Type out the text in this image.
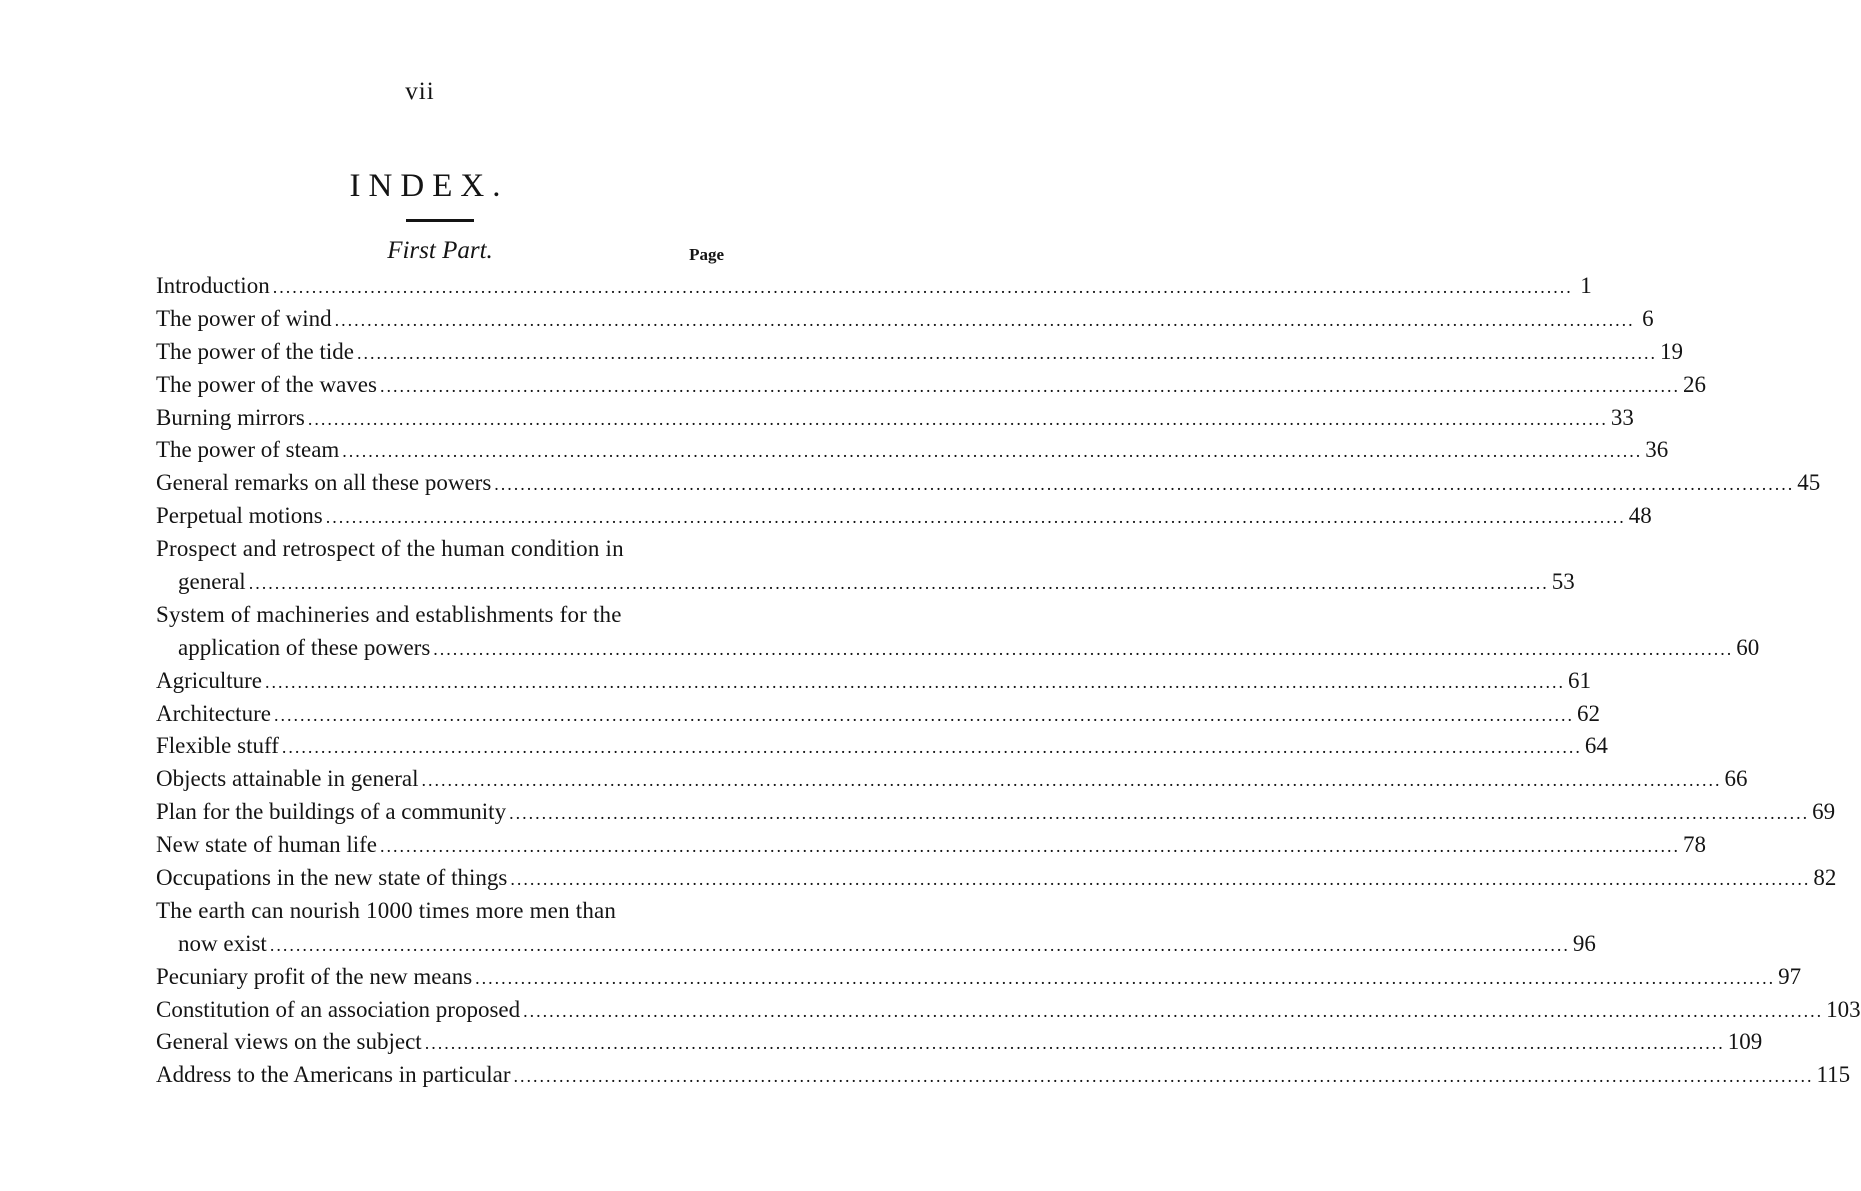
vii
INDEX.
First Part.	Page
Introduction ........................................................................................................................................................................................................ 1
The power of wind ........................................................................................................................................................................................................ 6
The power of the tide ........................................................................................................................................................................................................ 19
The power of the waves ........................................................................................................................................................................................................ 26
Burning mirrors ........................................................................................................................................................................................................ 33
The power of steam ........................................................................................................................................................................................................ 36
General remarks on all these powers ........................................................................................................................................................................................................ 45
Perpetual motions ........................................................................................................................................................................................................ 48
Prospect and retrospect of the human condition in
general ........................................................................................................................................................................................................ 53
System of machineries and establishments for the
application of these powers ........................................................................................................................................................................................................ 60
Agriculture ........................................................................................................................................................................................................ 61
Architecture ........................................................................................................................................................................................................ 62
Flexible stuff ........................................................................................................................................................................................................ 64
Objects attainable in general ........................................................................................................................................................................................................ 66
Plan for the buildings of a community ........................................................................................................................................................................................................ 69
New state of human life ........................................................................................................................................................................................................ 78
Occupations in the new state of things ........................................................................................................................................................................................................ 82
The earth can nourish 1000 times more men than
now exist ........................................................................................................................................................................................................ 96
Pecuniary profit of the new means ........................................................................................................................................................................................................ 97
Constitution of an association proposed ........................................................................................................................................................................................................ 103
General views on the subject ........................................................................................................................................................................................................ 109
Address to the Americans in particular ........................................................................................................................................................................................................ 115
